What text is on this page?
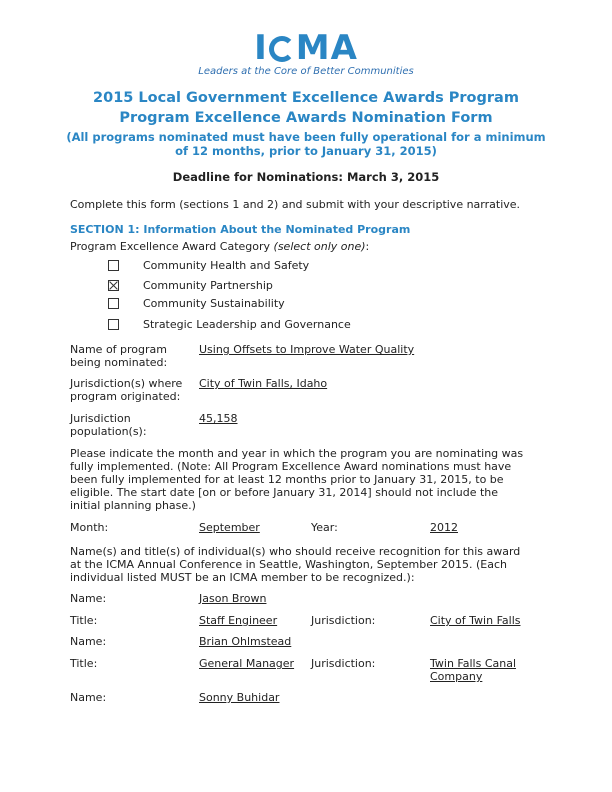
I MA
Leaders at the Core of Better Communities
2015 Local Government Excellence Awards Program
Program Excellence Awards Nomination Form
(All programs nominated must have been fully operational for a minimum
of 12 months, prior to January 31, 2015)
Deadline for Nominations: March 3, 2015
Complete this form (sections 1 and 2) and submit with your descriptive narrative.
SECTION 1: Information About the Nominated Program
Program Excellence Award Category (select only one):
Community Health and Safety
Community Partnership
Community Sustainability
Strategic Leadership and Governance
Name of program
being nominated:
Using Offsets to Improve Water Quality
Jurisdiction(s) where
program originated:
City of Twin Falls, Idaho
Jurisdiction
population(s):
45,158
Please indicate the month and year in which the program you are nominating was
fully implemented. (Note: All Program Excellence Award nominations must have
been fully implemented for at least 12 months prior to January 31, 2015, to be
eligible. The start date [on or before January 31, 2014] should not include the
initial planning phase.)
Month:	September	Year:	2012
Name(s) and title(s) of individual(s) who should receive recognition for this award
at the ICMA Annual Conference in Seattle, Washington, September 2015. (Each
individual listed MUST be an ICMA member to be recognized.):
Name:	Jason Brown
Title:	Staff Engineer	Jurisdiction:	City of Twin Falls
Name:	Brian Ohlmstead
Title:	General Manager Jurisdiction:	Twin Falls Canal
Company
Name:	Sonny Buhidar
